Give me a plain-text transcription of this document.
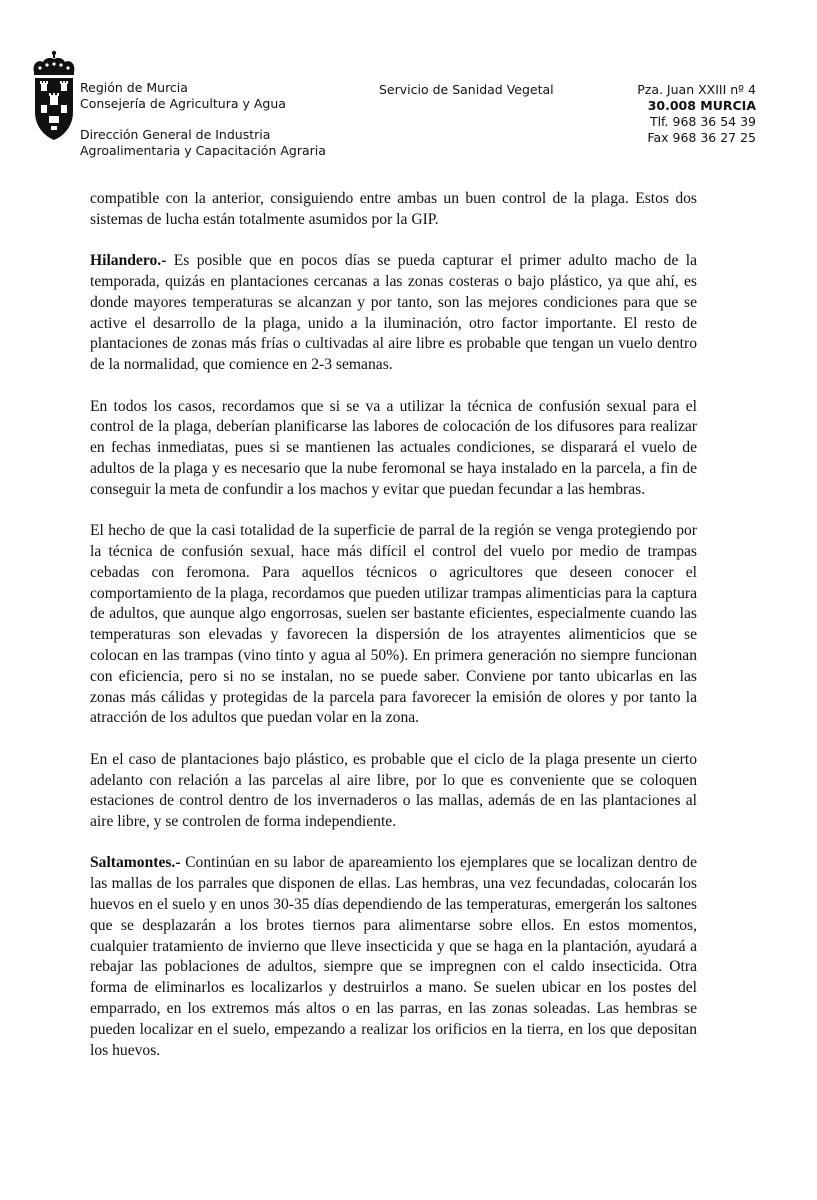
Región de Murcia
Consejería de Agricultura y Agua
Dirección General de Industria
Agroalimentaria y Capacitación Agraria
Servicio de Sanidad Vegetal	Pza. Juan XXIII nº 4
30.008 MURCIA
Tlf. 968 36 54 39
Fax 968 36 27 25

compatible con la anterior, consiguiendo entre ambas un buen control de la plaga. Estos dos sistemas de lucha están totalmente asumidos por la GIP.

Hilandero.- Es posible que en pocos días se pueda capturar el primer adulto macho de la temporada, quizás en plantaciones cercanas a las zonas costeras o bajo plástico, ya que ahí, es donde mayores temperaturas se alcanzan y por tanto, son las mejores condiciones para que se active el desarrollo de la plaga, unido a la iluminación, otro factor importante. El resto de plantaciones de zonas más frías o cultivadas al aire libre es probable que tengan un vuelo dentro de la normalidad, que comience en 2-3 semanas.

En todos los casos, recordamos que si se va a utilizar la técnica de confusión sexual para el control de la plaga, deberían planificarse las labores de colocación de los difusores para realizar en fechas inmediatas, pues si se mantienen las actuales condiciones, se disparará el vuelo de adultos de la plaga y es necesario que la nube feromonal se haya instalado en la parcela, a fin de conseguir la meta de confundir a los machos y evitar que puedan fecundar a las hembras.

El hecho de que la casi totalidad de la superficie de parral de la región se venga protegiendo por la técnica de confusión sexual, hace más difícil el control del vuelo por medio de trampas cebadas con feromona. Para aquellos técnicos o agricultores que deseen conocer el comportamiento de la plaga, recordamos que pueden utilizar trampas alimenticias para la captura de adultos, que aunque algo engorrosas, suelen ser bastante eficientes, especialmente cuando las temperaturas son elevadas y favorecen la dispersión de los atrayentes alimenticios que se colocan en las trampas (vino tinto y agua al 50%). En primera generación no siempre funcionan con eficiencia, pero si no se instalan, no se puede saber. Conviene por tanto ubicarlas en las zonas más cálidas y protegidas de la parcela para favorecer la emisión de olores y por tanto la atracción de los adultos que puedan volar en la zona.

En el caso de plantaciones bajo plástico, es probable que el ciclo de la plaga presente un cierto adelanto con relación a las parcelas al aire libre, por lo que es conveniente que se coloquen estaciones de control dentro de los invernaderos o las mallas, además de en las plantaciones al aire libre, y se controlen de forma independiente.

Saltamontes.- Continúan en su labor de apareamiento los ejemplares que se localizan dentro de las mallas de los parrales que disponen de ellas. Las hembras, una vez fecundadas, colocarán los huevos en el suelo y en unos 30-35 días dependiendo de las temperaturas, emergerán los saltones que se desplazarán a los brotes tiernos para alimentarse sobre ellos. En estos momentos, cualquier tratamiento de invierno que lleve insecticida y que se haga en la plantación, ayudará a rebajar las poblaciones de adultos, siempre que se impregnen con el caldo insecticida. Otra forma de eliminarlos es localizarlos y destruirlos a mano. Se suelen ubicar en los postes del emparrado, en los extremos más altos o en las parras, en las zonas soleadas. Las hembras se pueden localizar en el suelo, empezando a realizar los orificios en la tierra, en los que depositan los huevos.
